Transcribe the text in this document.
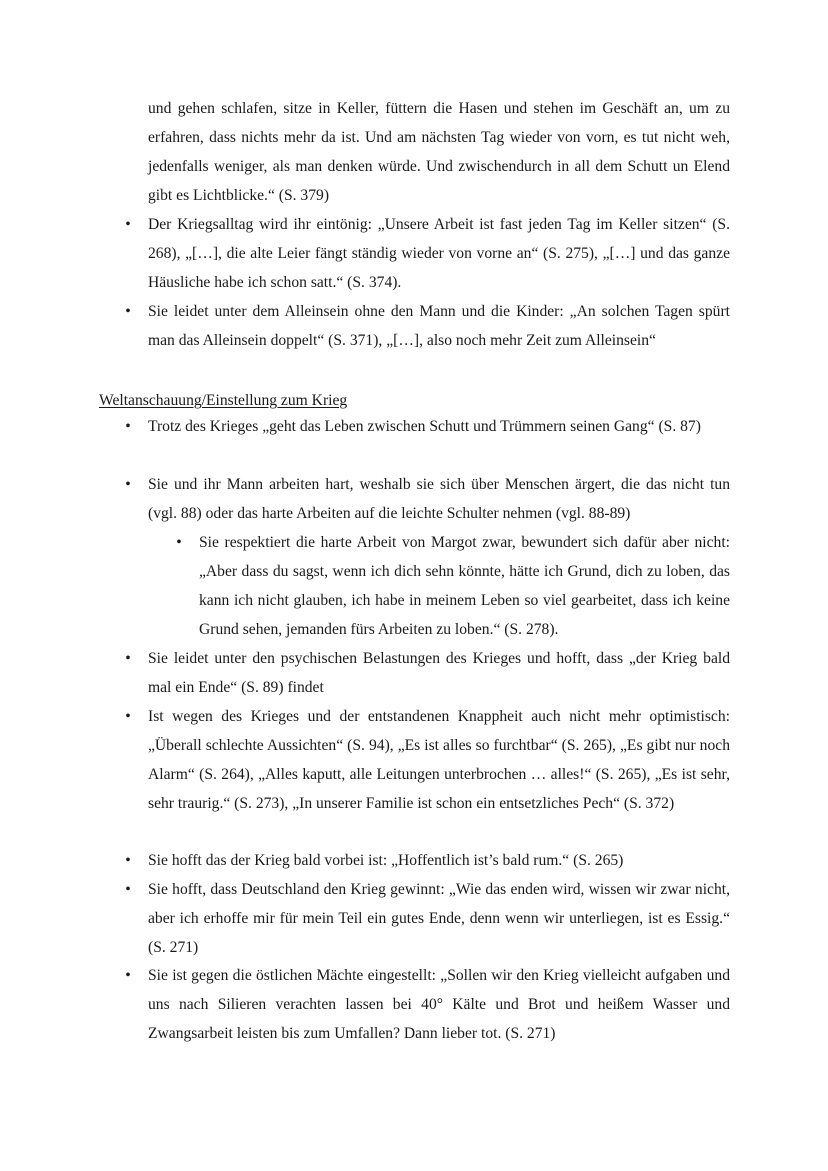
und gehen schlafen, sitze in Keller, füttern die Hasen und stehen im Geschäft an, um zu erfahren, dass nichts mehr da ist. Und am nächsten Tag wieder von vorn, es tut nicht weh, jedenfalls weniger, als man denken würde. Und zwischendurch in all dem Schutt un Elend gibt es Lichtblicke.“ (S. 379)

• Der Kriegsalltag wird ihr eintönig: „Unsere Arbeit ist fast jeden Tag im Keller sitzen“ (S. 268), „[…], die alte Leier fängt ständig wieder von vorne an“ (S. 275), „[…] und das ganze Häusliche habe ich schon satt.“ (S. 374).
• Sie leidet unter dem Alleinsein ohne den Mann und die Kinder: „An solchen Tagen spürt man das Alleinsein doppelt“ (S. 371), „[…], also noch mehr Zeit zum Alleinsein“
Weltanschauung/Einstellung zum Krieg
• Trotz des Krieges „geht das Leben zwischen Schutt und Trümmern seinen Gang“ (S. 87)
• Sie und ihr Mann arbeiten hart, weshalb sie sich über Menschen ärgert, die das nicht tun (vgl. 88) oder das harte Arbeiten auf die leichte Schulter nehmen (vgl. 88-89)
• Sie respektiert die harte Arbeit von Margot zwar, bewundert sich dafür aber nicht: „Aber dass du sagst, wenn ich dich sehn könnte, hätte ich Grund, dich zu loben, das kann ich nicht glauben, ich habe in meinem Leben so viel gearbeitet, dass ich keine Grund sehen, jemanden fürs Arbeiten zu loben.“ (S. 278).
• Sie leidet unter den psychischen Belastungen des Krieges und hofft, dass „der Krieg bald mal ein Ende“ (S. 89) findet
• Ist wegen des Krieges und der entstandenen Knappheit auch nicht mehr optimistisch: „Überall schlechte Aussichten“ (S. 94), „Es ist alles so furchtbar“ (S. 265), „Es gibt nur noch Alarm“ (S. 264), „Alles kaputt, alle Leitungen unterbrochen … alles!“ (S. 265), „Es ist sehr, sehr traurig.“ (S. 273), „In unserer Familie ist schon ein entsetzliches Pech“ (S. 372)
• Sie hofft das der Krieg bald vorbei ist: „Hoffentlich ist’s bald rum.“ (S. 265)
• Sie hofft, dass Deutschland den Krieg gewinnt: „Wie das enden wird, wissen wir zwar nicht, aber ich erhoffe mir für mein Teil ein gutes Ende, denn wenn wir unterliegen, ist es Essig.“ (S. 271)
• Sie ist gegen die östlichen Mächte eingestellt: „Sollen wir den Krieg vielleicht aufgaben und uns nach Silieren verachten lassen bei 40° Kälte und Brot und heißem Wasser und Zwangsarbeit leisten bis zum Umfallen? Dann lieber tot. (S. 271)
